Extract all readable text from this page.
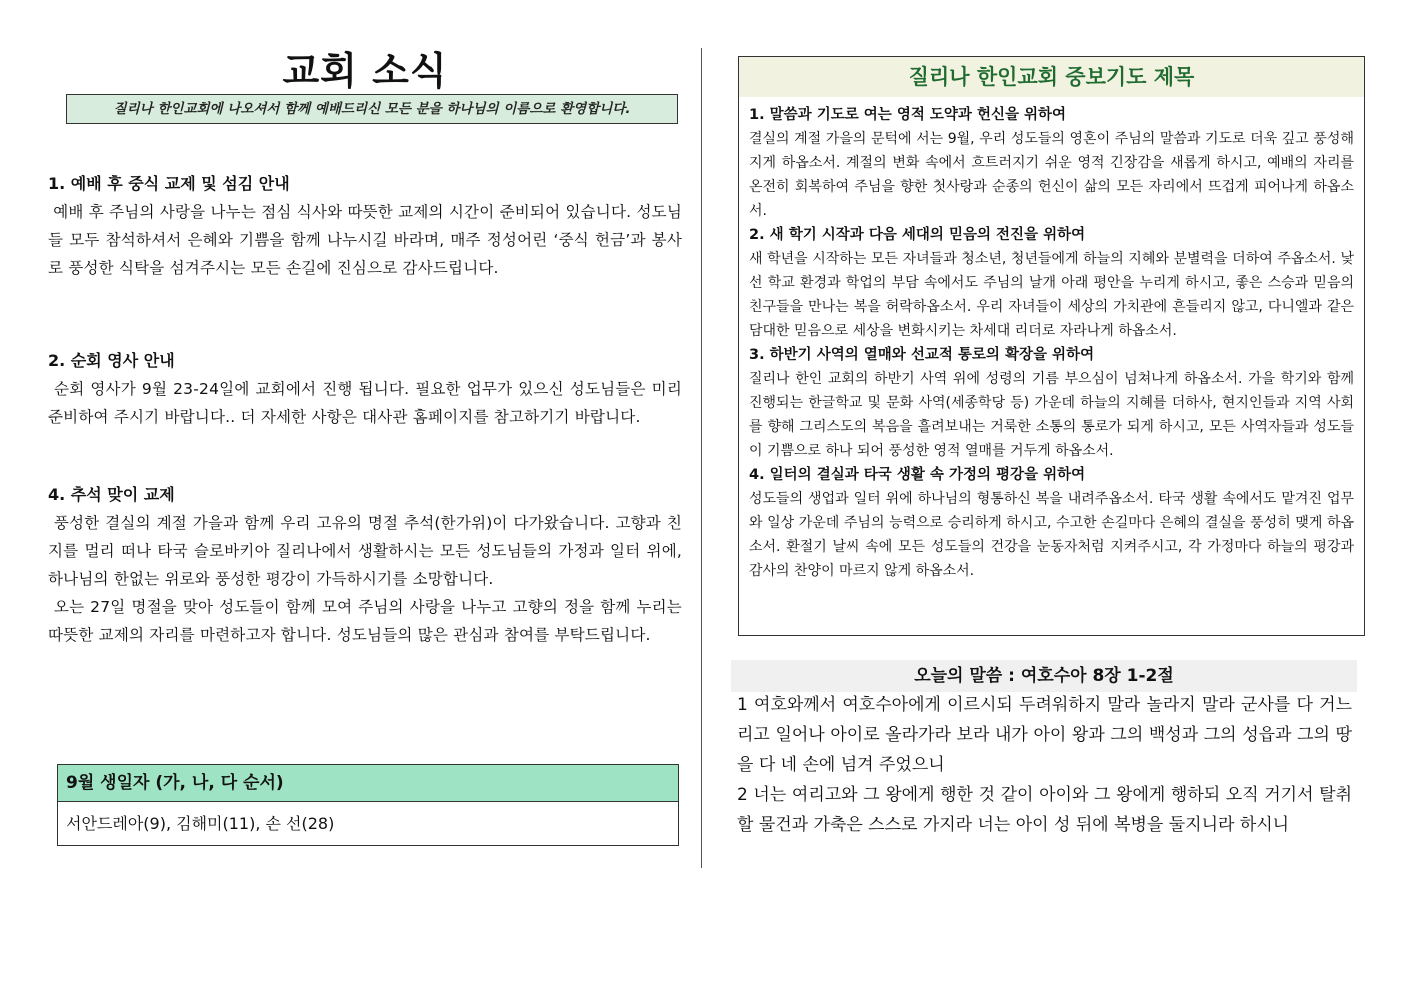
교회 소식
질리나 한인교회에 나오셔서 함께 예배드리신 모든 분을 하나님의 이름으로 환영합니다.

1. 예배 후 중식 교제 및 섬김 안내

예배 후 주님의 사랑을 나누는 점심 식사와 따뜻한 교제의 시간이 준비되어 있습니다. 성도님들 모두 참석하셔서 은혜와 기쁨을 함께 나누시길 바라며, 매주 정성어린 ‘중식 헌금’과 봉사로 풍성한 식탁을 섬겨주시는 모든 손길에 진심으로 감사드립니다.

2. 순회 영사 안내

순회 영사가 9월 23-24일에 교회에서 진행 됩니다. 필요한 업무가 있으신 성도님들은 미리 준비하여 주시기 바랍니다.. 더 자세한 사항은 대사관 홈페이지를 참고하기기 바랍니다.

4. 추석 맞이 교제

풍성한 결실의 계절 가을과 함께 우리 고유의 명절 추석(한가위)이 다가왔습니다. 고향과 친지를 멀리 떠나 타국 슬로바키아 질리나에서 생활하시는 모든 성도님들의 가정과 일터 위에, 하나님의 한없는 위로와 풍성한 평강이 가득하시기를 소망합니다.

오는 27일 명절을 맞아 성도들이 함께 모여 주님의 사랑을 나누고 고향의 정을 함께 누리는 따뜻한 교제의 자리를 마련하고자 합니다. 성도님들의 많은 관심과 참여를 부탁드립니다.

9월 생일자 (가, 나, 다 순서)
서안드레아(9), 김해미(11), 손 선(28)
질리나 한인교회 중보기도 제목

1. 말씀과 기도로 여는 영적 도약과 헌신을 위하여

결실의 계절 가을의 문턱에 서는 9월, 우리 성도들의 영혼이 주님의 말씀과 기도로 더욱 깊고 풍성해지게 하옵소서. 계절의 변화 속에서 흐트러지기 쉬운 영적 긴장감을 새롭게 하시고, 예배의 자리를 온전히 회복하여 주님을 향한 첫사랑과 순종의 헌신이 삶의 모든 자리에서 뜨겁게 피어나게 하옵소서.

2. 새 학기 시작과 다음 세대의 믿음의 전진을 위하여

새 학년을 시작하는 모든 자녀들과 청소년, 청년들에게 하늘의 지혜와 분별력을 더하여 주옵소서. 낯선 학교 환경과 학업의 부담 속에서도 주님의 날개 아래 평안을 누리게 하시고, 좋은 스승과 믿음의 친구들을 만나는 복을 허락하옵소서. 우리 자녀들이 세상의 가치관에 흔들리지 않고, 다니엘과 같은 담대한 믿음으로 세상을 변화시키는 차세대 리더로 자라나게 하옵소서.

3. 하반기 사역의 열매와 선교적 통로의 확장을 위하여

질리나 한인 교회의 하반기 사역 위에 성령의 기름 부으심이 넘쳐나게 하옵소서. 가을 학기와 함께 진행되는 한글학교 및 문화 사역(세종학당 등) 가운데 하늘의 지혜를 더하사, 현지인들과 지역 사회를 향해 그리스도의 복음을 흘려보내는 거룩한 소통의 통로가 되게 하시고, 모든 사역자들과 성도들이 기쁨으로 하나 되어 풍성한 영적 열매를 거두게 하옵소서.

4. 일터의 결실과 타국 생활 속 가정의 평강을 위하여

성도들의 생업과 일터 위에 하나님의 형통하신 복을 내려주옵소서. 타국 생활 속에서도 맡겨진 업무와 일상 가운데 주님의 능력으로 승리하게 하시고, 수고한 손길마다 은혜의 결실을 풍성히 맺게 하옵소서. 환절기 날씨 속에 모든 성도들의 건강을 눈동자처럼 지켜주시고, 각 가정마다 하늘의 평강과 감사의 찬양이 마르지 않게 하옵소서.

오늘의 말씀 : 여호수아 8장 1-2절

1 여호와께서 여호수아에게 이르시되 두려워하지 말라 놀라지 말라 군사를 다 거느리고 일어나 아이로 올라가라 보라 내가 아이 왕과 그의 백성과 그의 성읍과 그의 땅을 다 네 손에 넘겨 주었으니

2 너는 여리고와 그 왕에게 행한 것 같이 아이와 그 왕에게 행하되 오직 거기서 탈취할 물건과 가축은 스스로 가지라 너는 아이 성 뒤에 복병을 둘지니라 하시니
